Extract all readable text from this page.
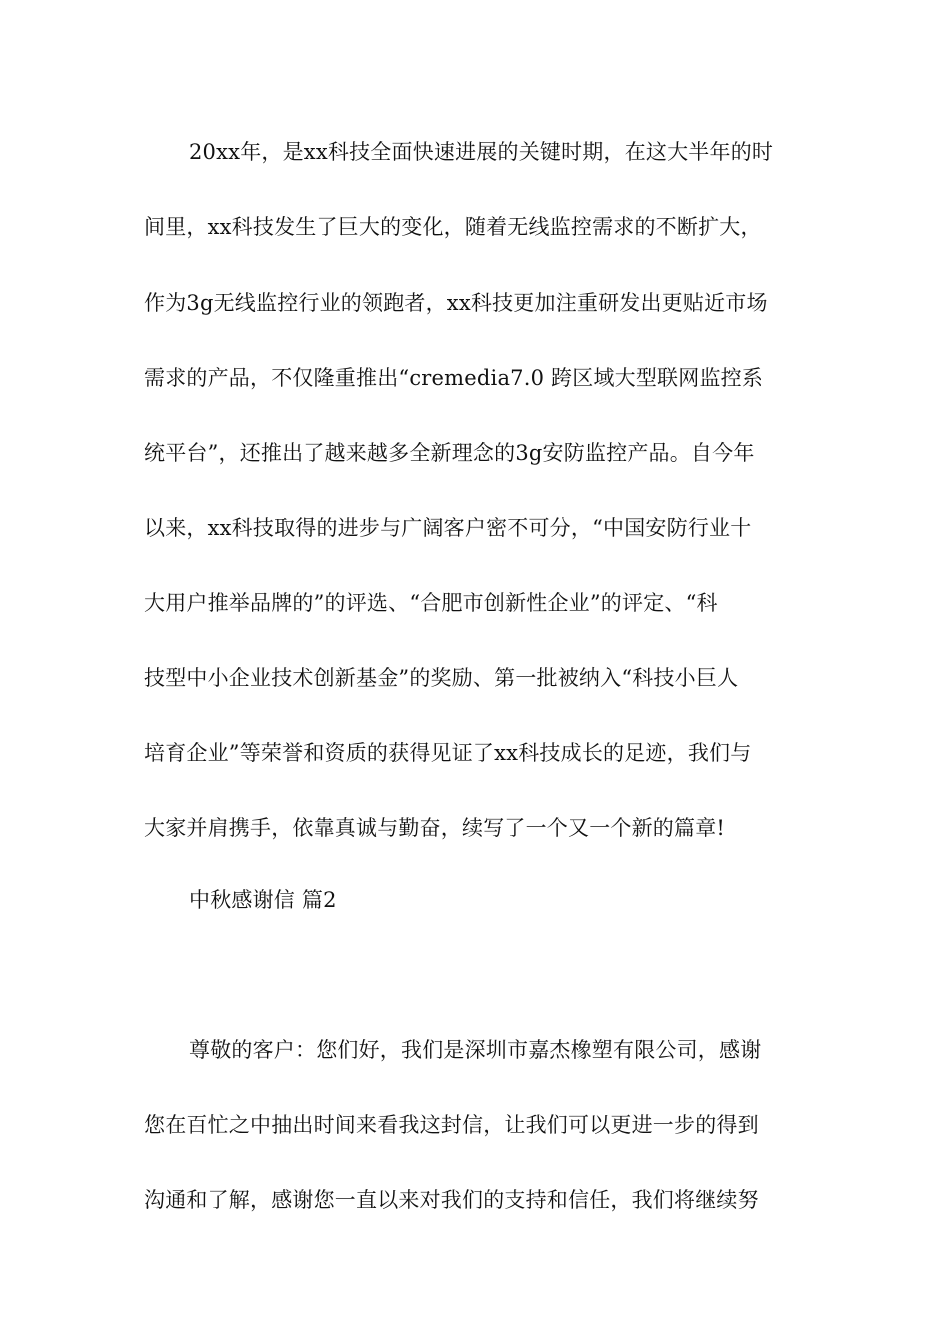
20xx年，是xx科技全面快速进展的关键时期，在这大半年的时
间里，xx科技发生了巨大的变化，随着无线监控需求的不断扩大，
作为3g无线监控行业的领跑者，xx科技更加注重研发出更贴近市场
需求的产品，不仅隆重推出“cremedia7.0 跨区域大型联网监控系
统平台”，还推出了越来越多全新理念的3g安防监控产品。自今年
以来，xx科技取得的进步与广阔客户密不可分，“中国安防行业十
大用户推举品牌的”的评选、“合肥市创新性企业”的评定、“科
技型中小企业技术创新基金”的奖励、第一批被纳入“科技小巨人
培育企业”等荣誉和资质的获得见证了xx科技成长的足迹，我们与
大家并肩携手，依靠真诚与勤奋，续写了一个又一个新的篇章!
中秋感谢信 篇2
尊敬的客户：您们好，我们是深圳市嘉杰橡塑有限公司，感谢
您在百忙之中抽出时间来看我这封信，让我们可以更进一步的得到
沟通和了解，感谢您一直以来对我们的支持和信任，我们将继续努
